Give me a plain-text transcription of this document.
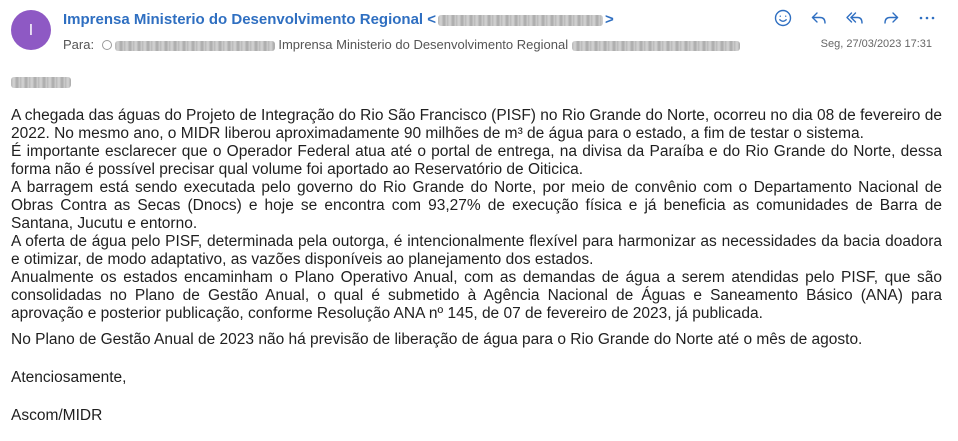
I
Imprensa Ministerio do Desenvolvimento Regional <	>
Para:	Imprensa Ministerio do Desenvolvimento Regional	Seg, 27/03/2023 17:31

A chegada das águas do Projeto de Integração do Rio São Francisco (PISF) no Rio Grande do Norte, ocorreu no dia 08 de fevereiro de 2022. No mesmo ano, o MIDR liberou aproximadamente 90 milhões de m³ de água para o estado, a fim de testar o sistema.

É importante esclarecer que o Operador Federal atua até o portal de entrega, na divisa da Paraíba e do Rio Grande do Norte, dessa forma não é possível precisar qual volume foi aportado ao Reservatório de Oiticica.

A barragem está sendo executada pelo governo do Rio Grande do Norte, por meio de convênio com o Departamento Nacional de Obras Contra as Secas (Dnocs) e hoje se encontra com 93,27% de execução física e já beneficia as comunidades de Barra de Santana, Jucutu e entorno.

A oferta de água pelo PISF, determinada pela outorga, é intencionalmente flexível para harmonizar as necessidades da bacia doadora e otimizar, de modo adaptativo, as vazões disponíveis ao planejamento dos estados.

Anualmente os estados encaminham o Plano Operativo Anual, com as demandas de água a serem atendidas pelo PISF, que são consolidadas no Plano de Gestão Anual, o qual é submetido à Agência Nacional de Águas e Saneamento Básico (ANA) para aprovação e posterior publicação, conforme Resolução ANA nº 145, de 07 de fevereiro de 2023, já publicada.

No Plano de Gestão Anual de 2023 não há previsão de liberação de água para o Rio Grande do Norte até o mês de agosto.

Atenciosamente,

Ascom/MIDR
